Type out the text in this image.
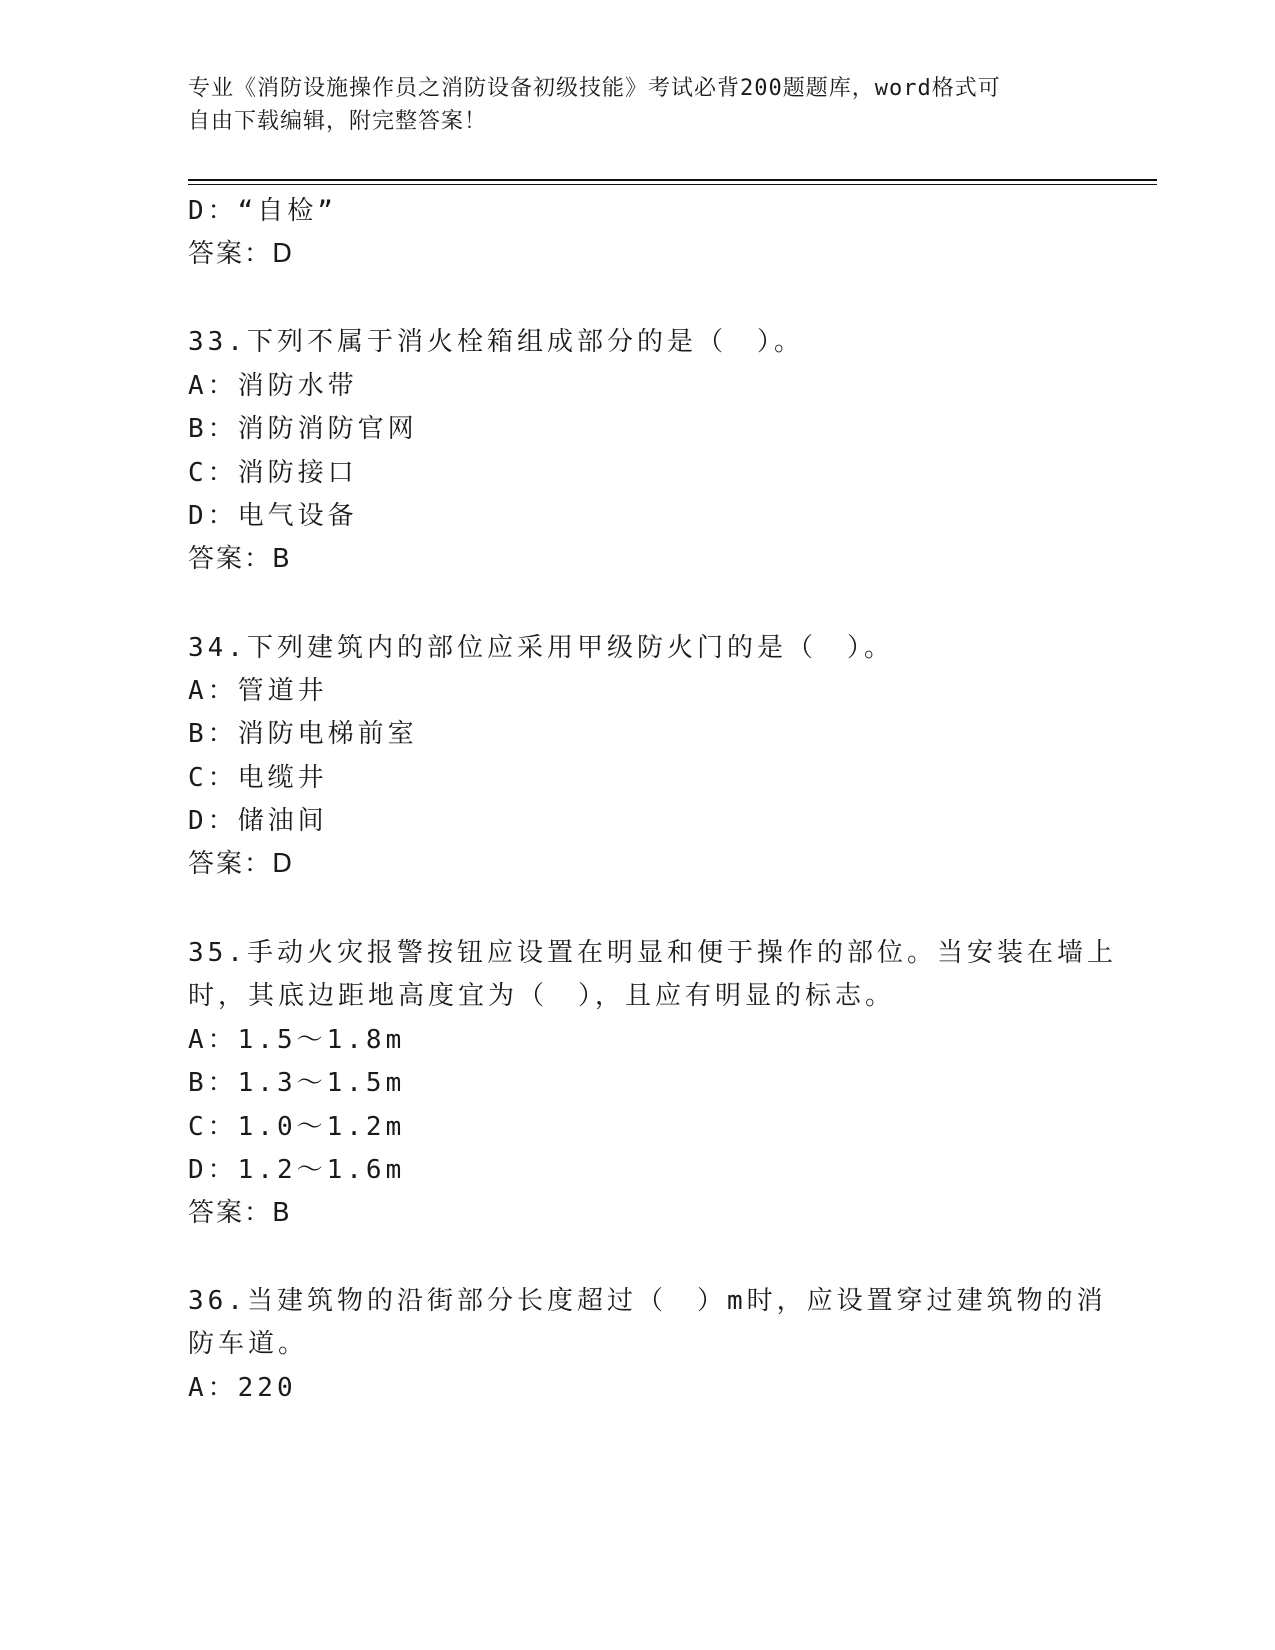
专业《消防设施操作员之消防设备初级技能》考试必背200题题库，word格式可
自由下载编辑，附完整答案！
D：“自检”
答案：D
33.下列不属于消火栓箱组成部分的是（　）。
A：消防水带
B：消防消防官网
C：消防接口
D：电气设备
答案：B
34.下列建筑内的部位应采用甲级防火门的是（　）。
A：管道井
B：消防电梯前室
C：电缆井
D：储油间
答案：D
35.手动火灾报警按钮应设置在明显和便于操作的部位。当安装在墙上
时，其底边距地高度宜为（　），且应有明显的标志。
A：1.5～1.8m
B：1.3～1.5m
C：1.0～1.2m
D：1.2～1.6m
答案：B
36.当建筑物的沿街部分长度超过（　）m时，应设置穿过建筑物的消
防车道。
A：220
